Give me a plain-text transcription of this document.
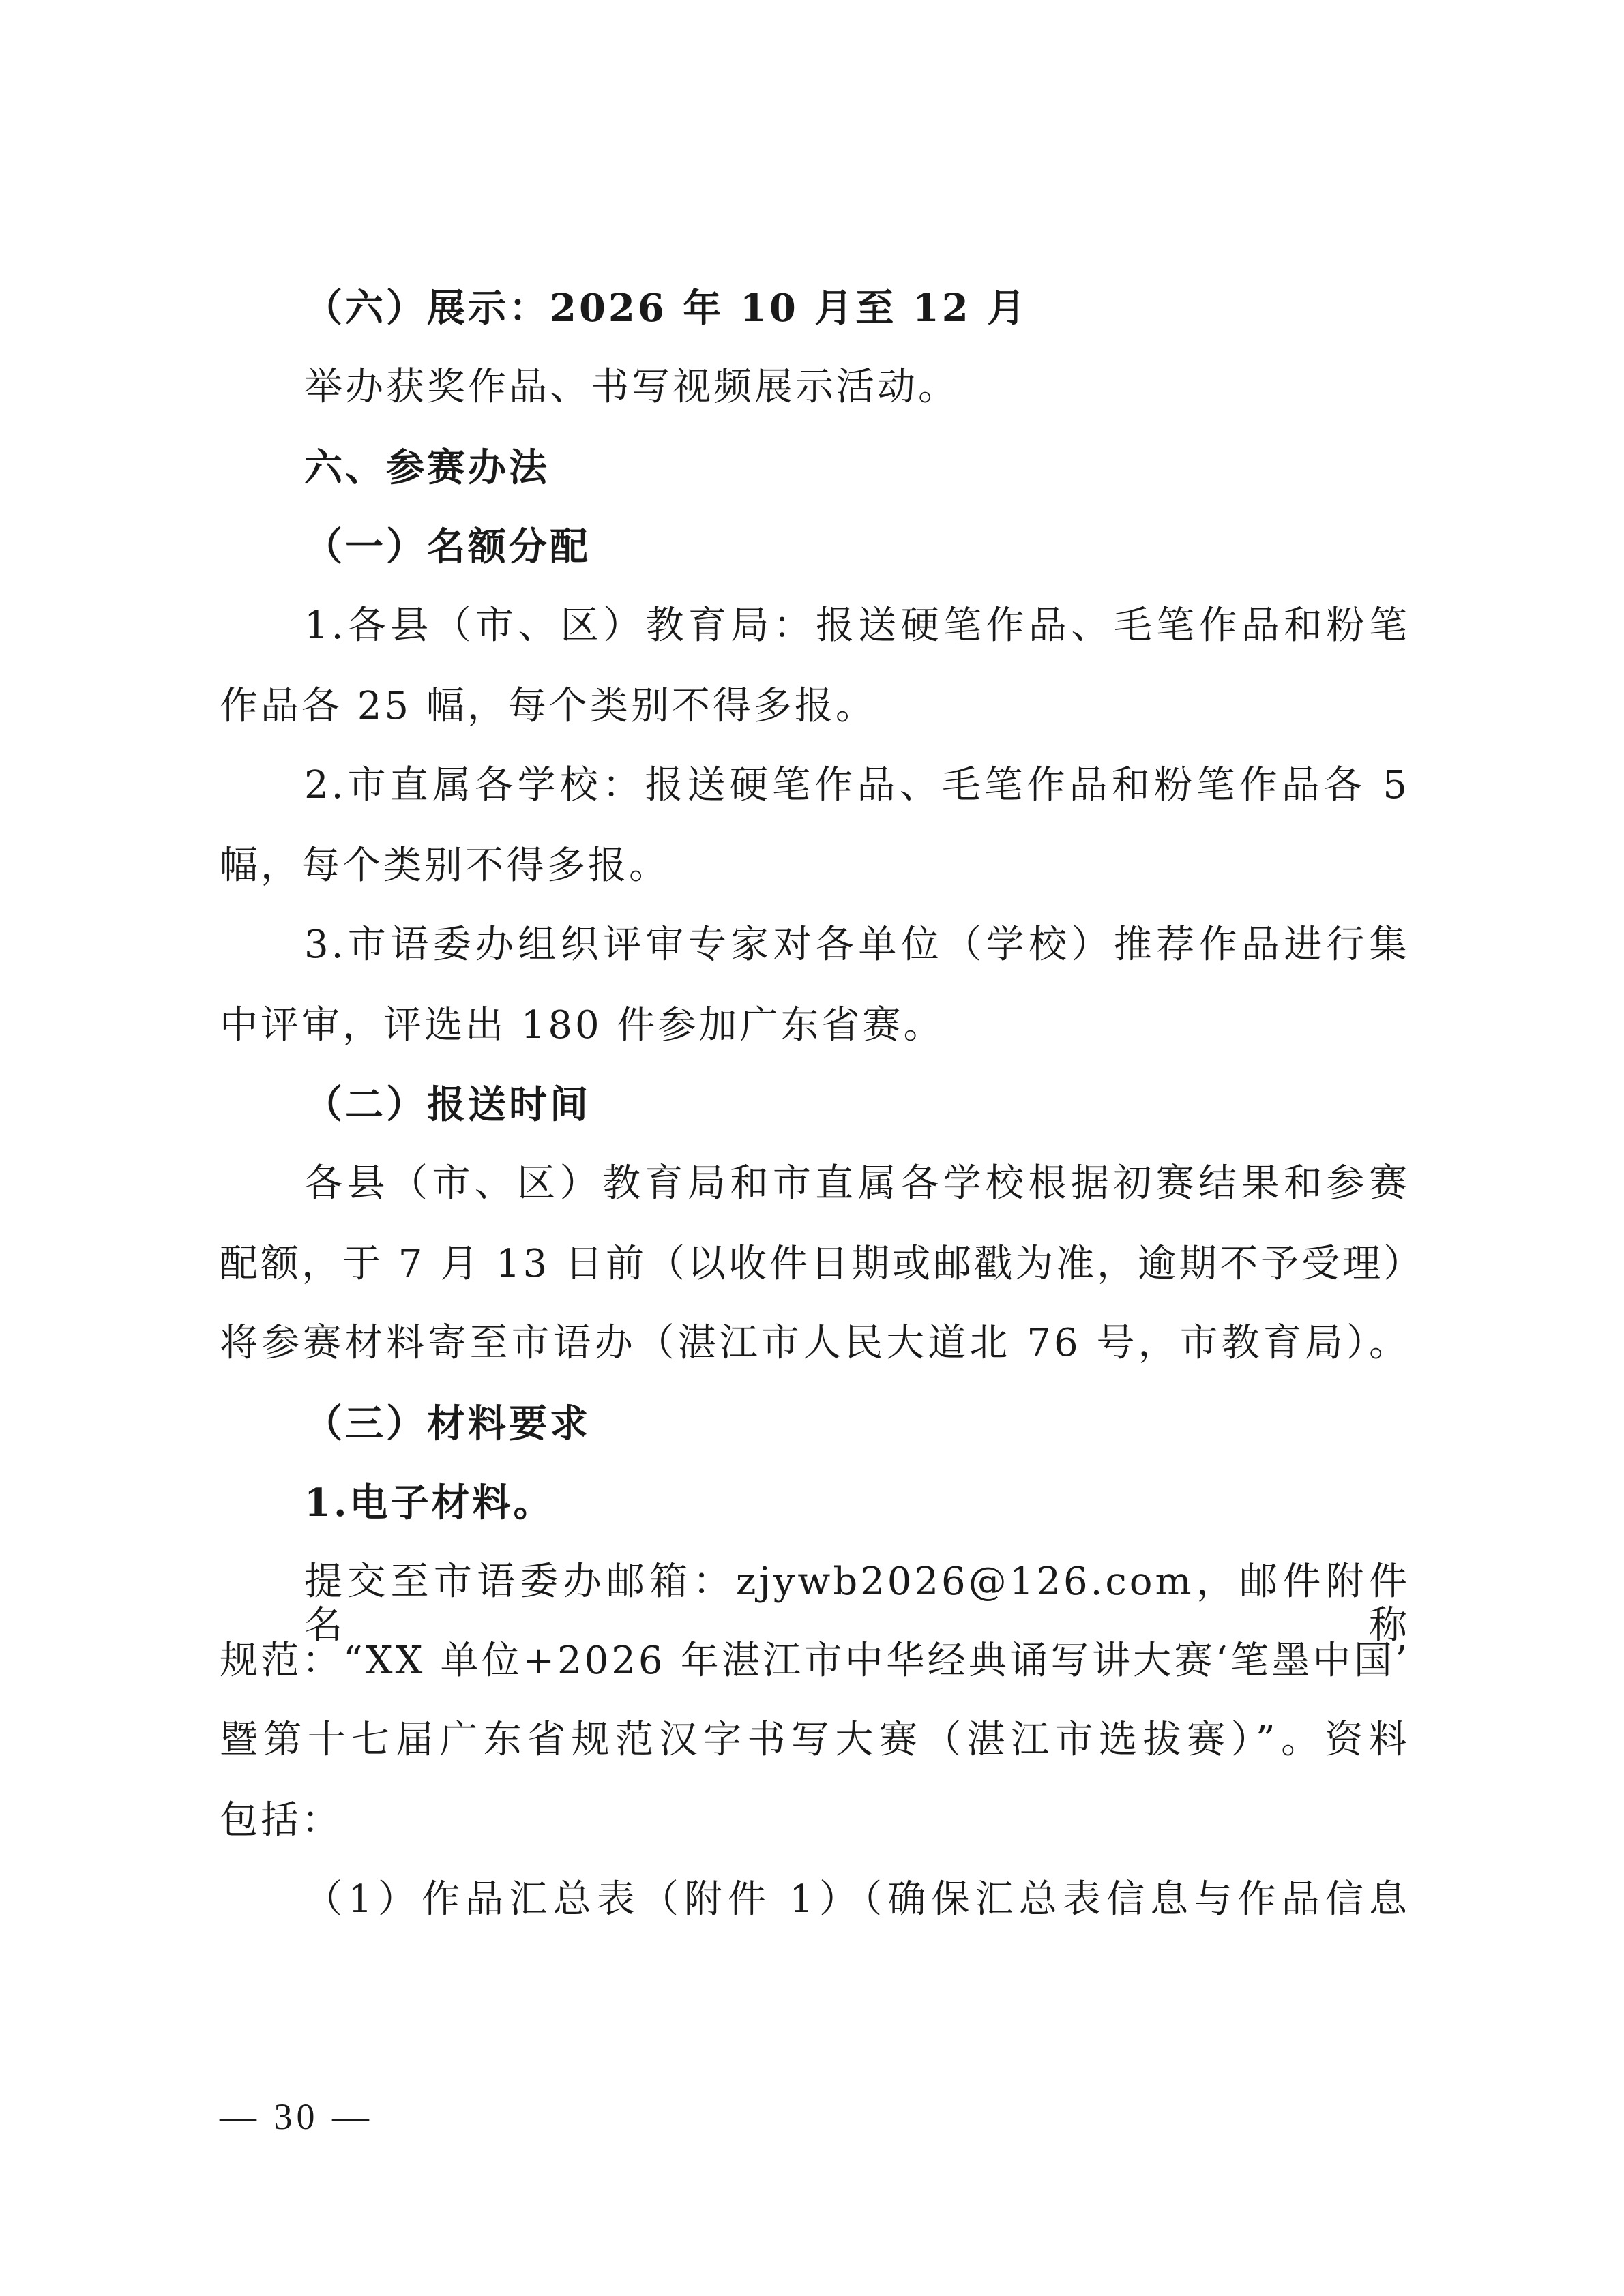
（六）展示：2026 年 10 月至 12 月
举办获奖作品、书写视频展示活动。
六、参赛办法
（一）名额分配
1.各县（市、区）教育局：报送硬笔作品、毛笔作品和粉笔
作品各 25 幅，每个类别不得多报。
2.市直属各学校：报送硬笔作品、毛笔作品和粉笔作品各 5
幅，每个类别不得多报。
3.市语委办组织评审专家对各单位（学校）推荐作品进行集
中评审，评选出 180 件参加广东省赛。
（二）报送时间
各县（市、区）教育局和市直属各学校根据初赛结果和参赛
配额，于 7 月 13 日前（以收件日期或邮戳为准，逾期不予受理）
将参赛材料寄至市语办（湛江市人民大道北 76 号，市教育局）。
（三）材料要求
1.电子材料。
提交至市语委办邮箱：zjywb2026@126.com，邮件附件名称
规范：“XX 单位+2026 年湛江市中华经典诵写讲大赛‘笔墨中国’
暨第十七届广东省规范汉字书写大赛（湛江市选拔赛）”。资料
包括：
（1）作品汇总表（附件 1）（确保汇总表信息与作品信息
— 30 —
